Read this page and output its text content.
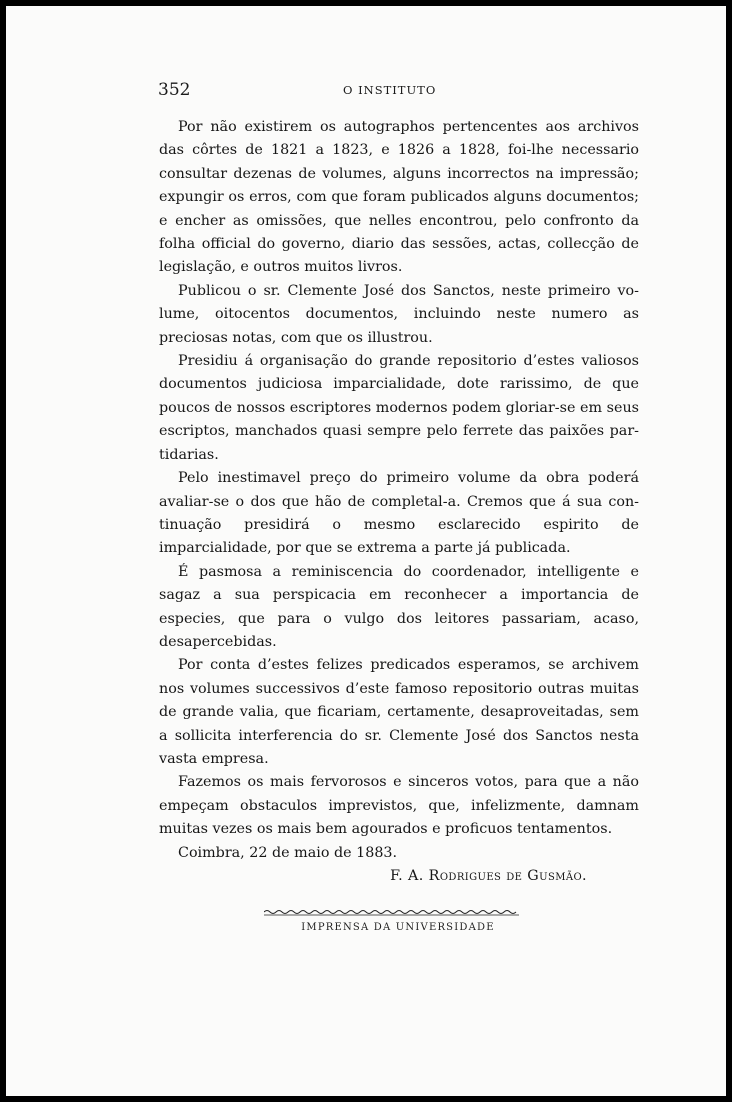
352	O INSTITUTO

Por não existirem os autographos pertencentes aos archivos das côrtes de 1821 a 1823, e 1826 a 1828, foi-lhe necessario consultar dezenas de volumes, alguns incorrectos na impressão; expungir os erros, com que foram publicados alguns documentos; e encher as omissões, que nelles encontrou, pelo confronto da folha official do governo, diario das sessões, actas, collecção de legislação, e outros muitos livros.

Publicou o sr. Clemente José dos Sanctos, neste primeiro volume, oitocentos documentos, incluindo neste numero as preciosas notas, com que os illustrou.

Presidiu á organisação do grande repositorio d’estes valiosos documentos judiciosa imparcialidade, dote rarissimo, de que poucos de nossos escriptores modernos podem gloriar-se em seus escriptos, manchados quasi sempre pelo ferrete das paixões partidarias.

Pelo inestimavel preço do primeiro volume da obra poderá avaliar-se o dos que hão de completal-a. Cremos que á sua continuação presidirá o mesmo esclarecido espirito de imparcialidade, por que se extrema a parte já publicada.

É pasmosa a reminiscencia do coordenador, intelligente e sagaz a sua perspicacia em reconhecer a importancia de especies, que para o vulgo dos leitores passariam, acaso, desapercebidas.

Por conta d’estes felizes predicados esperamos, se archivem nos volumes successivos d’este famoso repositorio outras muitas de grande valia, que ficariam, certamente, desaproveitadas, sem a sollicita interferencia do sr. Clemente José dos Sanctos nesta vasta empresa.

Fazemos os mais fervorosos e sinceros votos, para que a não empeçam obstaculos imprevistos, que, infelizmente, damnam muitas vezes os mais bem agourados e proficuos tentamentos.

Coimbra, 22 de maio de 1883.

F. A. Rodrigues de Gusmão.

IMPRENSA DA UNIVERSIDADE
